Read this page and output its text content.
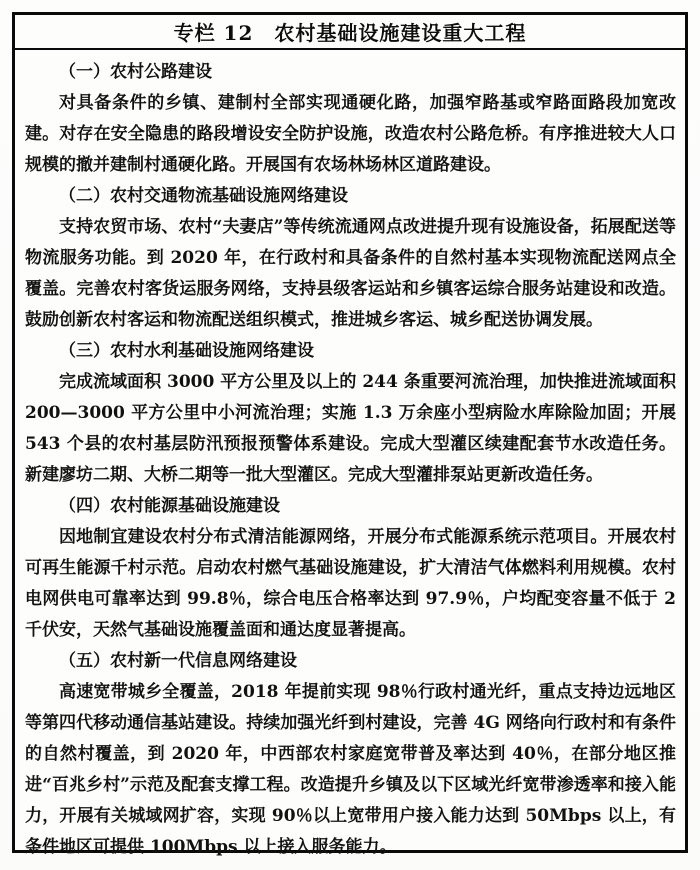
专栏 12　农村基础设施建设重大工程
（一）农村公路建设
对具备条件的乡镇、建制村全部实现通硬化路，加强窄路基或窄路面路段加宽改建。对存在安全隐患的路段增设安全防护设施，改造农村公路危桥。有序推进较大人口规模的撤并建制村通硬化路。开展国有农场林场林区道路建设。
（二）农村交通物流基础设施网络建设
支持农贸市场、农村“夫妻店”等传统流通网点改进提升现有设施设备，拓展配送等物流服务功能。到 2020 年，在行政村和具备条件的自然村基本实现物流配送网点全覆盖。完善农村客货运服务网络，支持县级客运站和乡镇客运综合服务站建设和改造。鼓励创新农村客运和物流配送组织模式，推进城乡客运、城乡配送协调发展。
（三）农村水利基础设施网络建设
完成流域面积 3000 平方公里及以上的 244 条重要河流治理，加快推进流域面积 200—3000 平方公里中小河流治理；实施 1.3 万余座小型病险水库除险加固；开展 543 个县的农村基层防汛预报预警体系建设。完成大型灌区续建配套节水改造任务。新建廖坊二期、大桥二期等一批大型灌区。完成大型灌排泵站更新改造任务。
（四）农村能源基础设施建设
因地制宜建设农村分布式清洁能源网络，开展分布式能源系统示范项目。开展农村可再生能源千村示范。启动农村燃气基础设施建设，扩大清洁气体燃料利用规模。农村电网供电可靠率达到 99.8％，综合电压合格率达到 97.9％，户均配变容量不低于 2 千伏安，天然气基础设施覆盖面和通达度显著提高。
（五）农村新一代信息网络建设
高速宽带城乡全覆盖，2018 年提前实现 98％行政村通光纤，重点支持边远地区等第四代移动通信基站建设。持续加强光纤到村建设，完善 4G 网络向行政村和有条件的自然村覆盖，到 2020 年，中西部农村家庭宽带普及率达到 40％，在部分地区推进“百兆乡村”示范及配套支撑工程。改造提升乡镇及以下区域光纤宽带渗透率和接入能力，开展有关城域网扩容，实现 90％以上宽带用户接入能力达到 50Mbps 以上，有条件地区可提供 100Mbps 以上接入服务能力。
